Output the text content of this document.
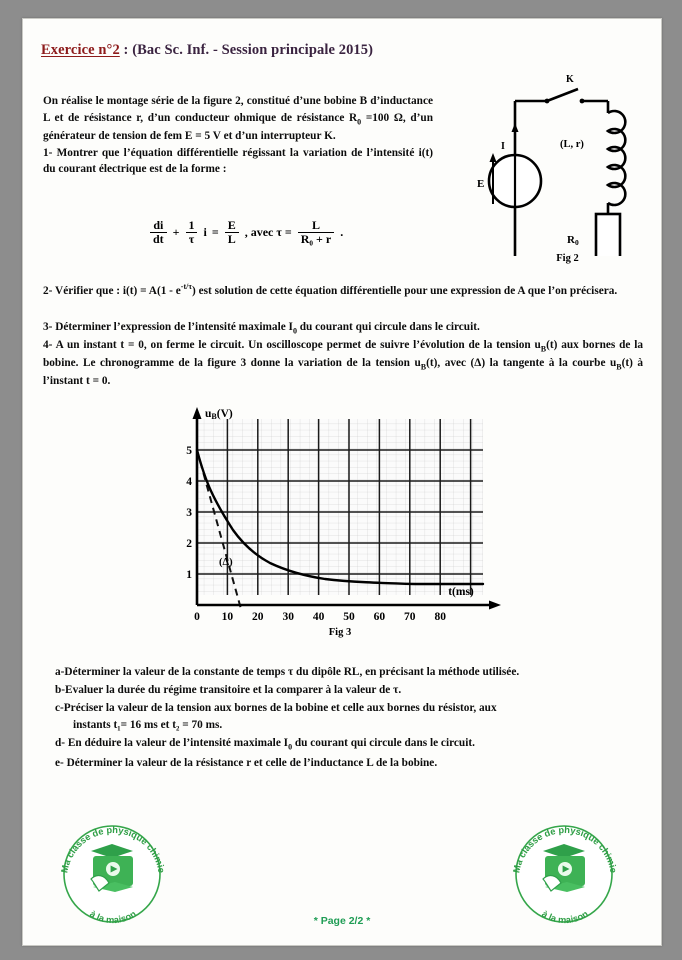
Exercice n°2 : (Bac Sc. Inf. - Session principale 2015)
On réalise le montage série de la figure 2, constitué d’une bobine B d’inductance L et de résistance r, d’un conducteur ohmique de résistance $R_0 =100$ Ω, d’un générateur de tension de fem E = 5 V et d’un interrupteur K.
1- Montrer que l’équation différentielle régissant la variation de l’intensité i(t) du courant électrique est de la forme :
$\frac{di}{dt} + \frac{1}{\tau}$ $i = \frac{E}{L}$ , avec $\tau = \frac{L}{\text{R₀ + r}}$ .
2- Vérifier que : $i(t) = A(1 - e^{-t/\tau})$ est solution de cette équation différentielle pour une expression de A que l’on précisera.
3- Déterminer l’expression de l’intensité maximale $I_0$ du courant qui circule dans le circuit.
4- A un instant t = 0, on ferme le circuit. Un oscilloscope permet de suivre l’évolution de la tension $u_B(t)$ aux bornes de la bobine. Le chronogramme de la figure 3 donne la variation de la tension $u_B(t)$, avec (Δ) la tangente à la courbe $u_B(t)$ à l’instant t = 0.
K
I
E
(L, r)
R0
Fig 2
5
4
3
2
1
0 10 20 30 40 50 60 70 80
uB(V)
t(ms)
(Δ)
Fig 3
a-Déterminer la valeur de la constante de temps τ du dipôle RL, en précisant la méthode utilisée.
b-Evaluer la durée du régime transitoire et la comparer à la valeur de τ.
c-Préciser la valeur de la tension aux bornes de la bobine et celle aux bornes du résistor, aux
instants t₁= 16 ms et t₂ = 70 ms.
d- En déduire la valeur de l’intensité maximale $I_0$ du courant qui circule dans le circuit.
e- Déterminer la valeur de la résistance r et celle de l’inductance L de la bobine.
Ma classe de physique chimie
à la maison
Ma classe de physique chimie
à la maison
* Page 2/2 *
